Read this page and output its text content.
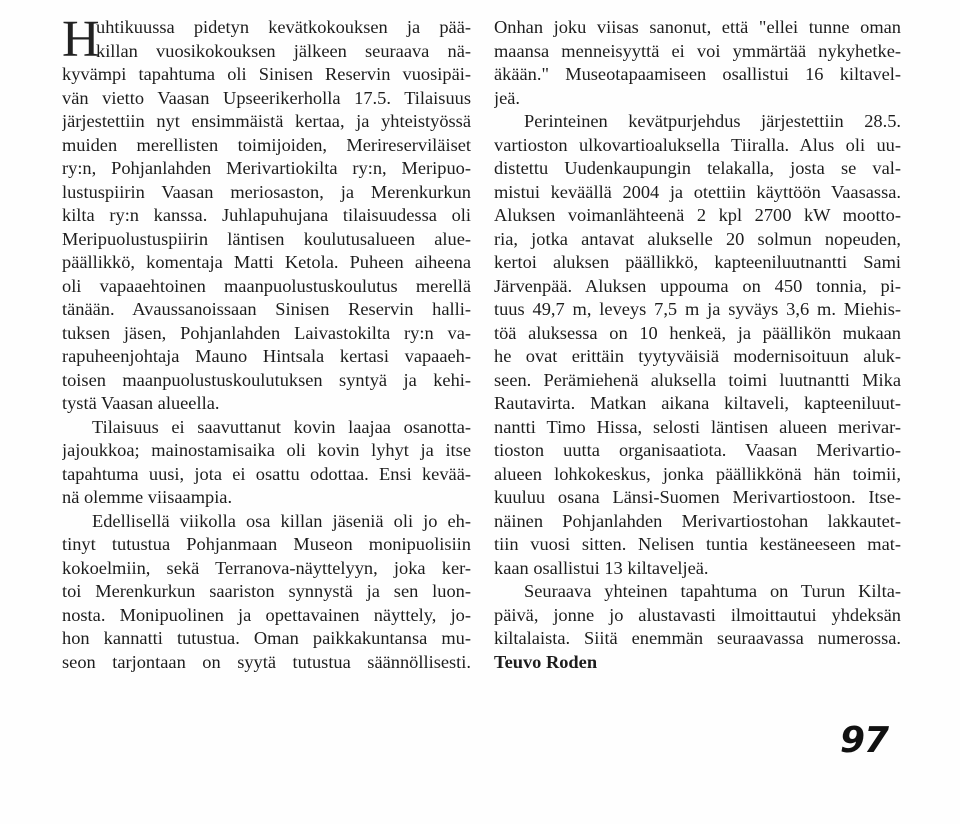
H
uhtikuussa pidetyn kevätkokouksen ja pää-
killan vuosikokouksen jälkeen seuraava nä-
kyvämpi tapahtuma oli Sinisen Reservin vuosipäi-
vän vietto Vaasan Upseerikerholla 17.5. Tilaisuus
järjestettiin nyt ensimmäistä kertaa, ja yhteistyössä
muiden merellisten toimijoiden, Merireserviläiset
ry:n, Pohjanlahden Merivartiokilta ry:n, Meripuo-
lustuspiirin Vaasan meriosaston, ja Merenkurkun
kilta ry:n kanssa. Juhlapuhujana tilaisuudessa oli
Meripuolustuspiirin läntisen koulutusalueen alue-
päällikkö, komentaja Matti Ketola. Puheen aiheena
oli vapaaehtoinen maanpuolustuskoulutus merellä
tänään. Avaussanoissaan Sinisen Reservin halli-
tuksen jäsen, Pohjanlahden Laivastokilta ry:n va-
rapuheenjohtaja Mauno Hintsala kertasi vapaaeh-
toisen maanpuolustuskoulutuksen syntyä ja kehi-
tystä Vaasan alueella.
Tilaisuus ei saavuttanut kovin laajaa osanotta-
jajoukkoa; mainostamisaika oli kovin lyhyt ja itse
tapahtuma uusi, jota ei osattu odottaa. Ensi kevää-
nä olemme viisaampia.
Edellisellä viikolla osa killan jäseniä oli jo eh-
tinyt tutustua Pohjanmaan Museon monipuolisiin
kokoelmiin, sekä Terranova-näyttelyyn, joka ker-
toi Merenkurkun saariston synnystä ja sen luon-
nosta. Monipuolinen ja opettavainen näyttely, jo-
hon kannatti tutustua. Oman paikkakuntansa mu-
seon tarjontaan on syytä tutustua säännöllisesti.
Onhan joku viisas sanonut, että "ellei tunne oman
maansa menneisyyttä ei voi ymmärtää nykyhetke-
äkään." Museotapaamiseen osallistui 16 kiltavel-
jeä.
Perinteinen kevätpurjehdus järjestettiin 28.5.
vartioston ulkovartioaluksella Tiiralla. Alus oli uu-
distettu Uudenkaupungin telakalla, josta se val-
mistui keväällä 2004 ja otettiin käyttöön Vaasassa.
Aluksen voimanlähteenä 2 kpl 2700 kW mootto-
ria, jotka antavat alukselle 20 solmun nopeuden,
kertoi aluksen päällikkö, kapteeniluutnantti Sami
Järvenpää. Aluksen uppouma on 450 tonnia, pi-
tuus 49,7 m, leveys 7,5 m ja syväys 3,6 m. Miehis-
töä aluksessa on 10 henkeä, ja päällikön mukaan
he ovat erittäin tyytyväisiä modernisoituun aluk-
seen. Perämiehenä aluksella toimi luutnantti Mika
Rautavirta. Matkan aikana kiltaveli, kapteeniluut-
nantti Timo Hissa, selosti läntisen alueen merivar-
tioston uutta organisaatiota. Vaasan Merivartio-
alueen lohkokeskus, jonka päällikkönä hän toimii,
kuuluu osana Länsi-Suomen Merivartiostoon. Itse-
näinen Pohjanlahden Merivartiostohan lakkautet-
tiin vuosi sitten. Nelisen tuntia kestäneeseen mat-
kaan osallistui 13 kiltaveljeä.
Seuraava yhteinen tapahtuma on Turun Kilta-
päivä, jonne jo alustavasti ilmoittautui yhdeksän
kiltalaista. Siitä enemmän seuraavassa numerossa.
Teuvo Roden
97
